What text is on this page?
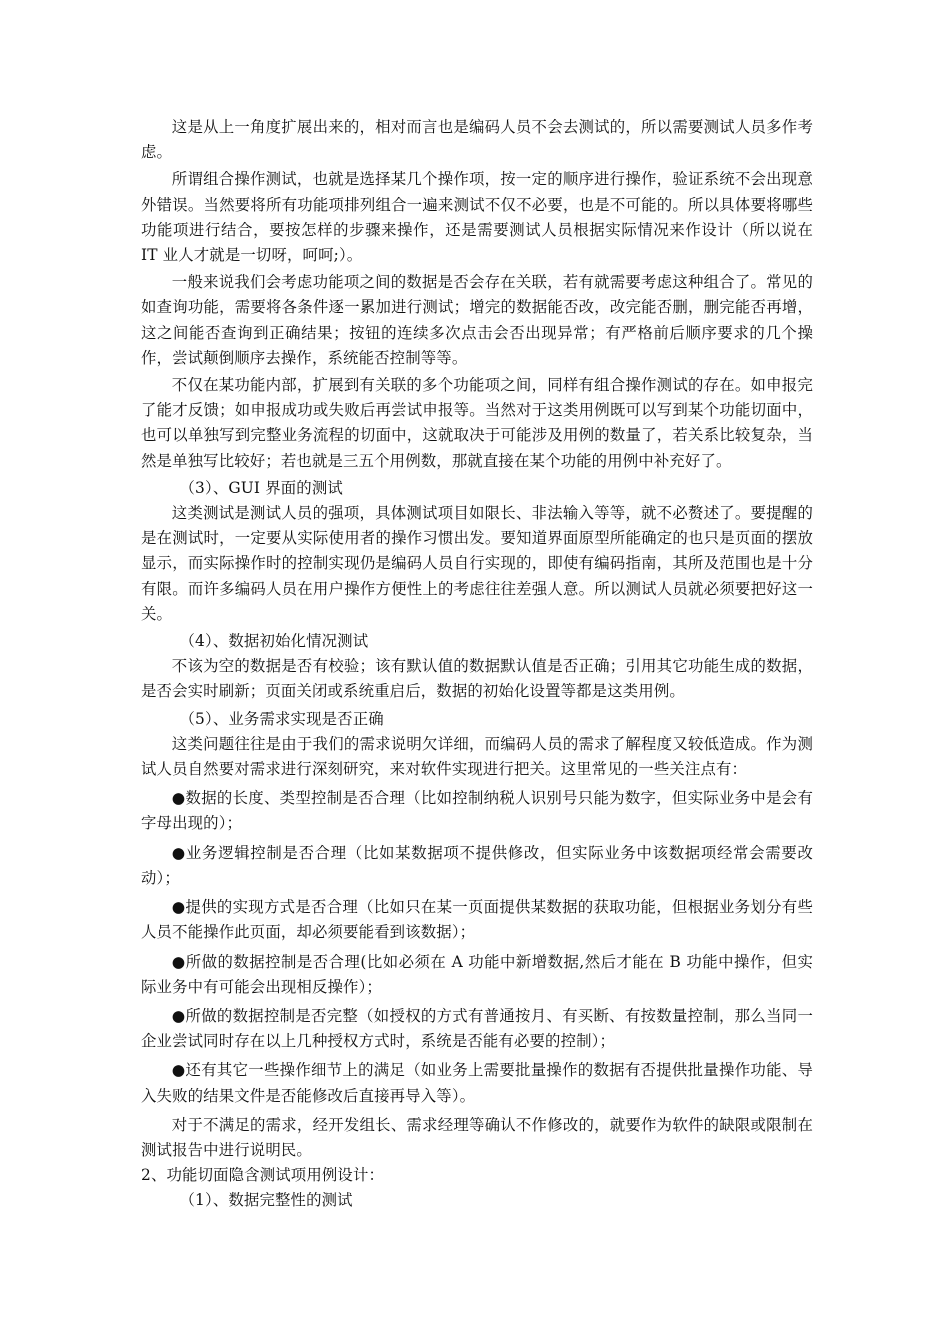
这是从上一角度扩展出来的，相对而言也是编码人员不会去测试的，所以需要测试人员多作考虑。

所谓组合操作测试，也就是选择某几个操作项，按一定的顺序进行操作，验证系统不会出现意外错误。当然要将所有功能项排列组合一遍来测试不仅不必要，也是不可能的。所以具体要将哪些功能项进行结合，要按怎样的步骤来操作，还是需要测试人员根据实际情况来作设计（所以说在 IT 业人才就是一切呀，呵呵;）。

一般来说我们会考虑功能项之间的数据是否会存在关联，若有就需要考虑这种组合了。常见的如查询功能，需要将各条件逐一累加进行测试；增完的数据能否改，改完能否删，删完能否再增，这之间能否查询到正确结果；按钮的连续多次点击会否出现异常；有严格前后顺序要求的几个操作，尝试颠倒顺序去操作，系统能否控制等等。

不仅在某功能内部，扩展到有关联的多个功能项之间，同样有组合操作测试的存在。如申报完了能才反馈；如申报成功或失败后再尝试申报等。当然对于这类用例既可以写到某个功能切面中，也可以单独写到完整业务流程的切面中，这就取决于可能涉及用例的数量了，若关系比较复杂，当然是单独写比较好；若也就是三五个用例数，那就直接在某个功能的用例中补充好了。

（3）、GUI 界面的测试

这类测试是测试人员的强项，具体测试项目如限长、非法输入等等，就不必赘述了。要提醒的是在测试时，一定要从实际使用者的操作习惯出发。要知道界面原型所能确定的也只是页面的摆放显示，而实际操作时的控制实现仍是编码人员自行实现的，即使有编码指南，其所及范围也是十分有限。而许多编码人员在用户操作方便性上的考虑往往差强人意。所以测试人员就必须要把好这一关。

（4）、数据初始化情况测试

不该为空的数据是否有校验；该有默认值的数据默认值是否正确；引用其它功能生成的数据，是否会实时刷新；页面关闭或系统重启后，数据的初始化设置等都是这类用例。

（5）、业务需求实现是否正确

这类问题往往是由于我们的需求说明欠详细，而编码人员的需求了解程度又较低造成。作为测试人员自然要对需求进行深刻研究，来对软件实现进行把关。这里常见的一些关注点有：

●数据的长度、类型控制是否合理（比如控制纳税人识别号只能为数字，但实际业务中是会有字母出现的）；

●业务逻辑控制是否合理（比如某数据项不提供修改，但实际业务中该数据项经常会需要改动）；

●提供的实现方式是否合理（比如只在某一页面提供某数据的获取功能，但根据业务划分有些人员不能操作此页面，却必须要能看到该数据）；

●所做的数据控制是否合理(比如必须在 A 功能中新增数据,然后才能在 B 功能中操作，但实际业务中有可能会出现相反操作）；

●所做的数据控制是否完整（如授权的方式有普通按月、有买断、有按数量控制，那么当同一企业尝试同时存在以上几种授权方式时，系统是否能有必要的控制）；

●还有其它一些操作细节上的满足（如业务上需要批量操作的数据有否提供批量操作功能、导入失败的结果文件是否能修改后直接再导入等）。

对于不满足的需求，经开发组长、需求经理等确认不作修改的，就要作为软件的缺限或限制在测试报告中进行说明民。

2、功能切面隐含测试项用例设计：

（1）、数据完整性的测试
